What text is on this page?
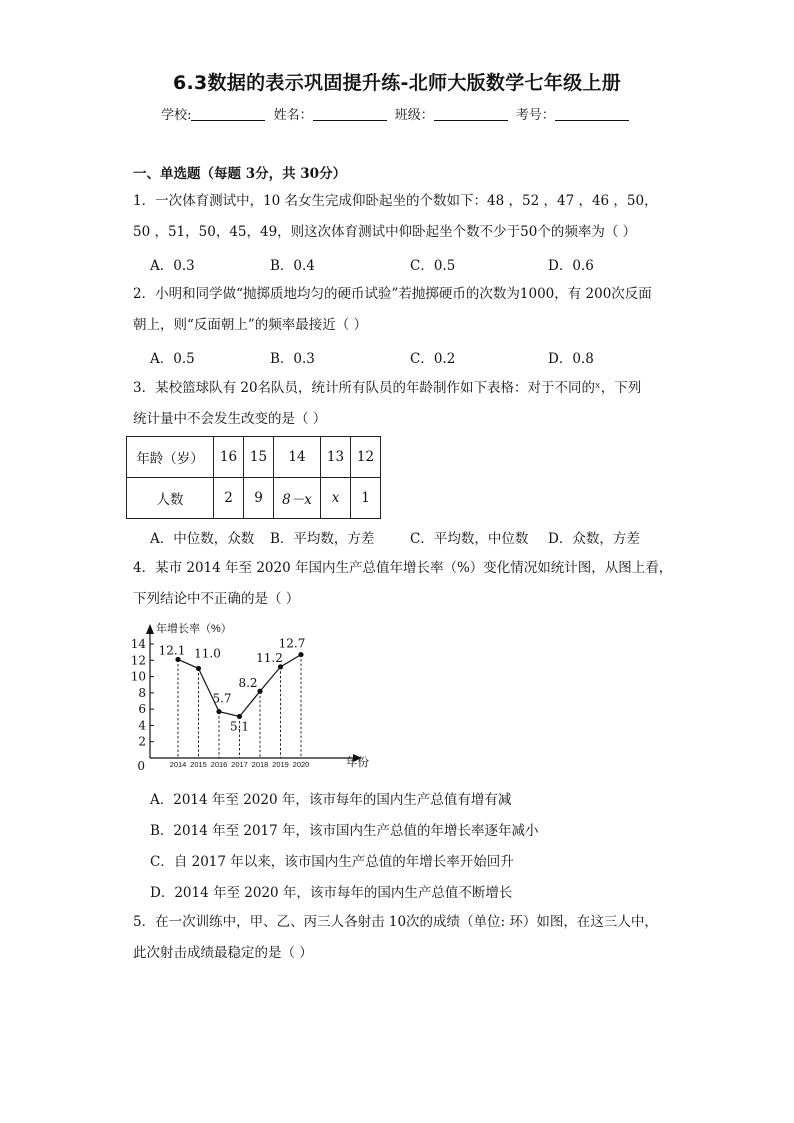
6.3数据的表示巩固提升练-北师大版数学七年级上册
学校:	姓名：	班级：	考号：
一、单选题（每题 3分，共 30分）
1．一次体育测试中，10 名女生完成仰卧起坐的个数如下：48 ，52 ，47 ，46 ，50，
50 ，51，50，45，49，则这次体育测试中仰卧起坐个数不少于50个的频率为（ ）
A．0.3	B．0.4	C．0.5	D．0.6
2．小明和同学做“抛掷质地均匀的硬币试验”若抛掷硬币的次数为1000，有 200次反面
朝上，则“反面朝上”的频率最接近（ ）
A．0.5	B．0.3	C．0.2	D．0.8
3．某校篮球队有 20名队员，统计所有队员的年龄制作如下表格：对于不同的ˣ，下列
统计量中不会发生改变的是（ ）
年龄（岁）	16	15	14	13	12
人数	2	9	8－x	x	1
A．中位数，众数 B．平均数，方差	C．平均数，中位数 D．众数，方差
4．某市 2014 年至 2020 年国内生产总值年增长率（%）变化情况如统计图，从图上看，
下列结论中不正确的是（ ）
年增长率（%）
年份
0
2
4
6
8
10
12
14
2014 2015 2016 2017 2018 2019 2020
12.1 11.0
5.7
5.1
8.2
11.2
12.7
A．2014 年至 2020 年，该市每年的国内生产总值有增有减
B．2014 年至 2017 年，该市国内生产总值的年增长率逐年减小
C．自 2017 年以来，该市国内生产总值的年增长率开始回升
D．2014 年至 2020 年，该市每年的国内生产总值不断增长
5．在一次训练中，甲、乙、丙三人各射击 10次的成绩（单位: 环）如图，在这三人中，
此次射击成绩最稳定的是（ ）
